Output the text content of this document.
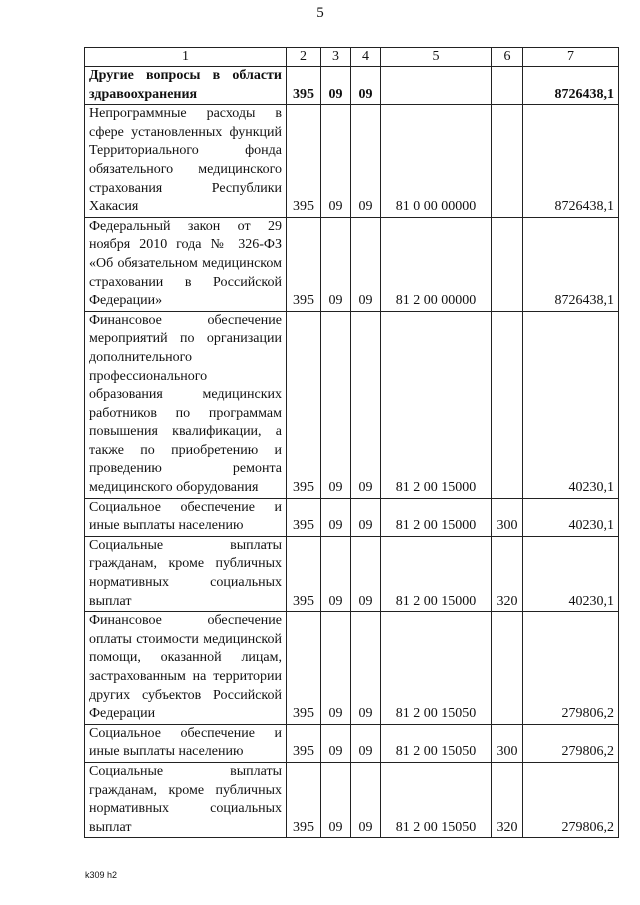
5
1	2	3	4	5	6	7
Другие вопросы в области здравоохранения	395	09	09			8726438,1
Непрограммные расходы в сфере установленных функций Территориального фонда обязательного медицинского страхования Республики Хакасия	395	09	09	81 0 00 00000		8726438,1
Федеральный закон от 29 ноября 2010 года № 326-ФЗ «Об обязательном медицинском страховании в Российской Федерации»	395	09	09	81 2 00 00000		8726438,1
Финансовое обеспечение мероприятий по организации дополнительного профессионального образования медицинских работников по программам повышения квалификации, а также по приобретению и проведению ремонта медицинского оборудования	395	09	09	81 2 00 15000		40230,1
Социальное обеспечение и иные выплаты населению	395	09	09	81 2 00 15000	300	40230,1
Социальные выплаты гражданам, кроме публичных нормативных социальных выплат	395	09	09	81 2 00 15000	320	40230,1
Финансовое обеспечение оплаты стоимости медицинской помощи, оказанной лицам, застрахованным на территории других субъектов Российской Федерации	395	09	09	81 2 00 15050		279806,2
Социальное обеспечение и иные выплаты населению	395	09	09	81 2 00 15050	300	279806,2
Социальные выплаты гражданам, кроме публичных нормативных социальных выплат	395	09	09	81 2 00 15050	320	279806,2
k309 h2
